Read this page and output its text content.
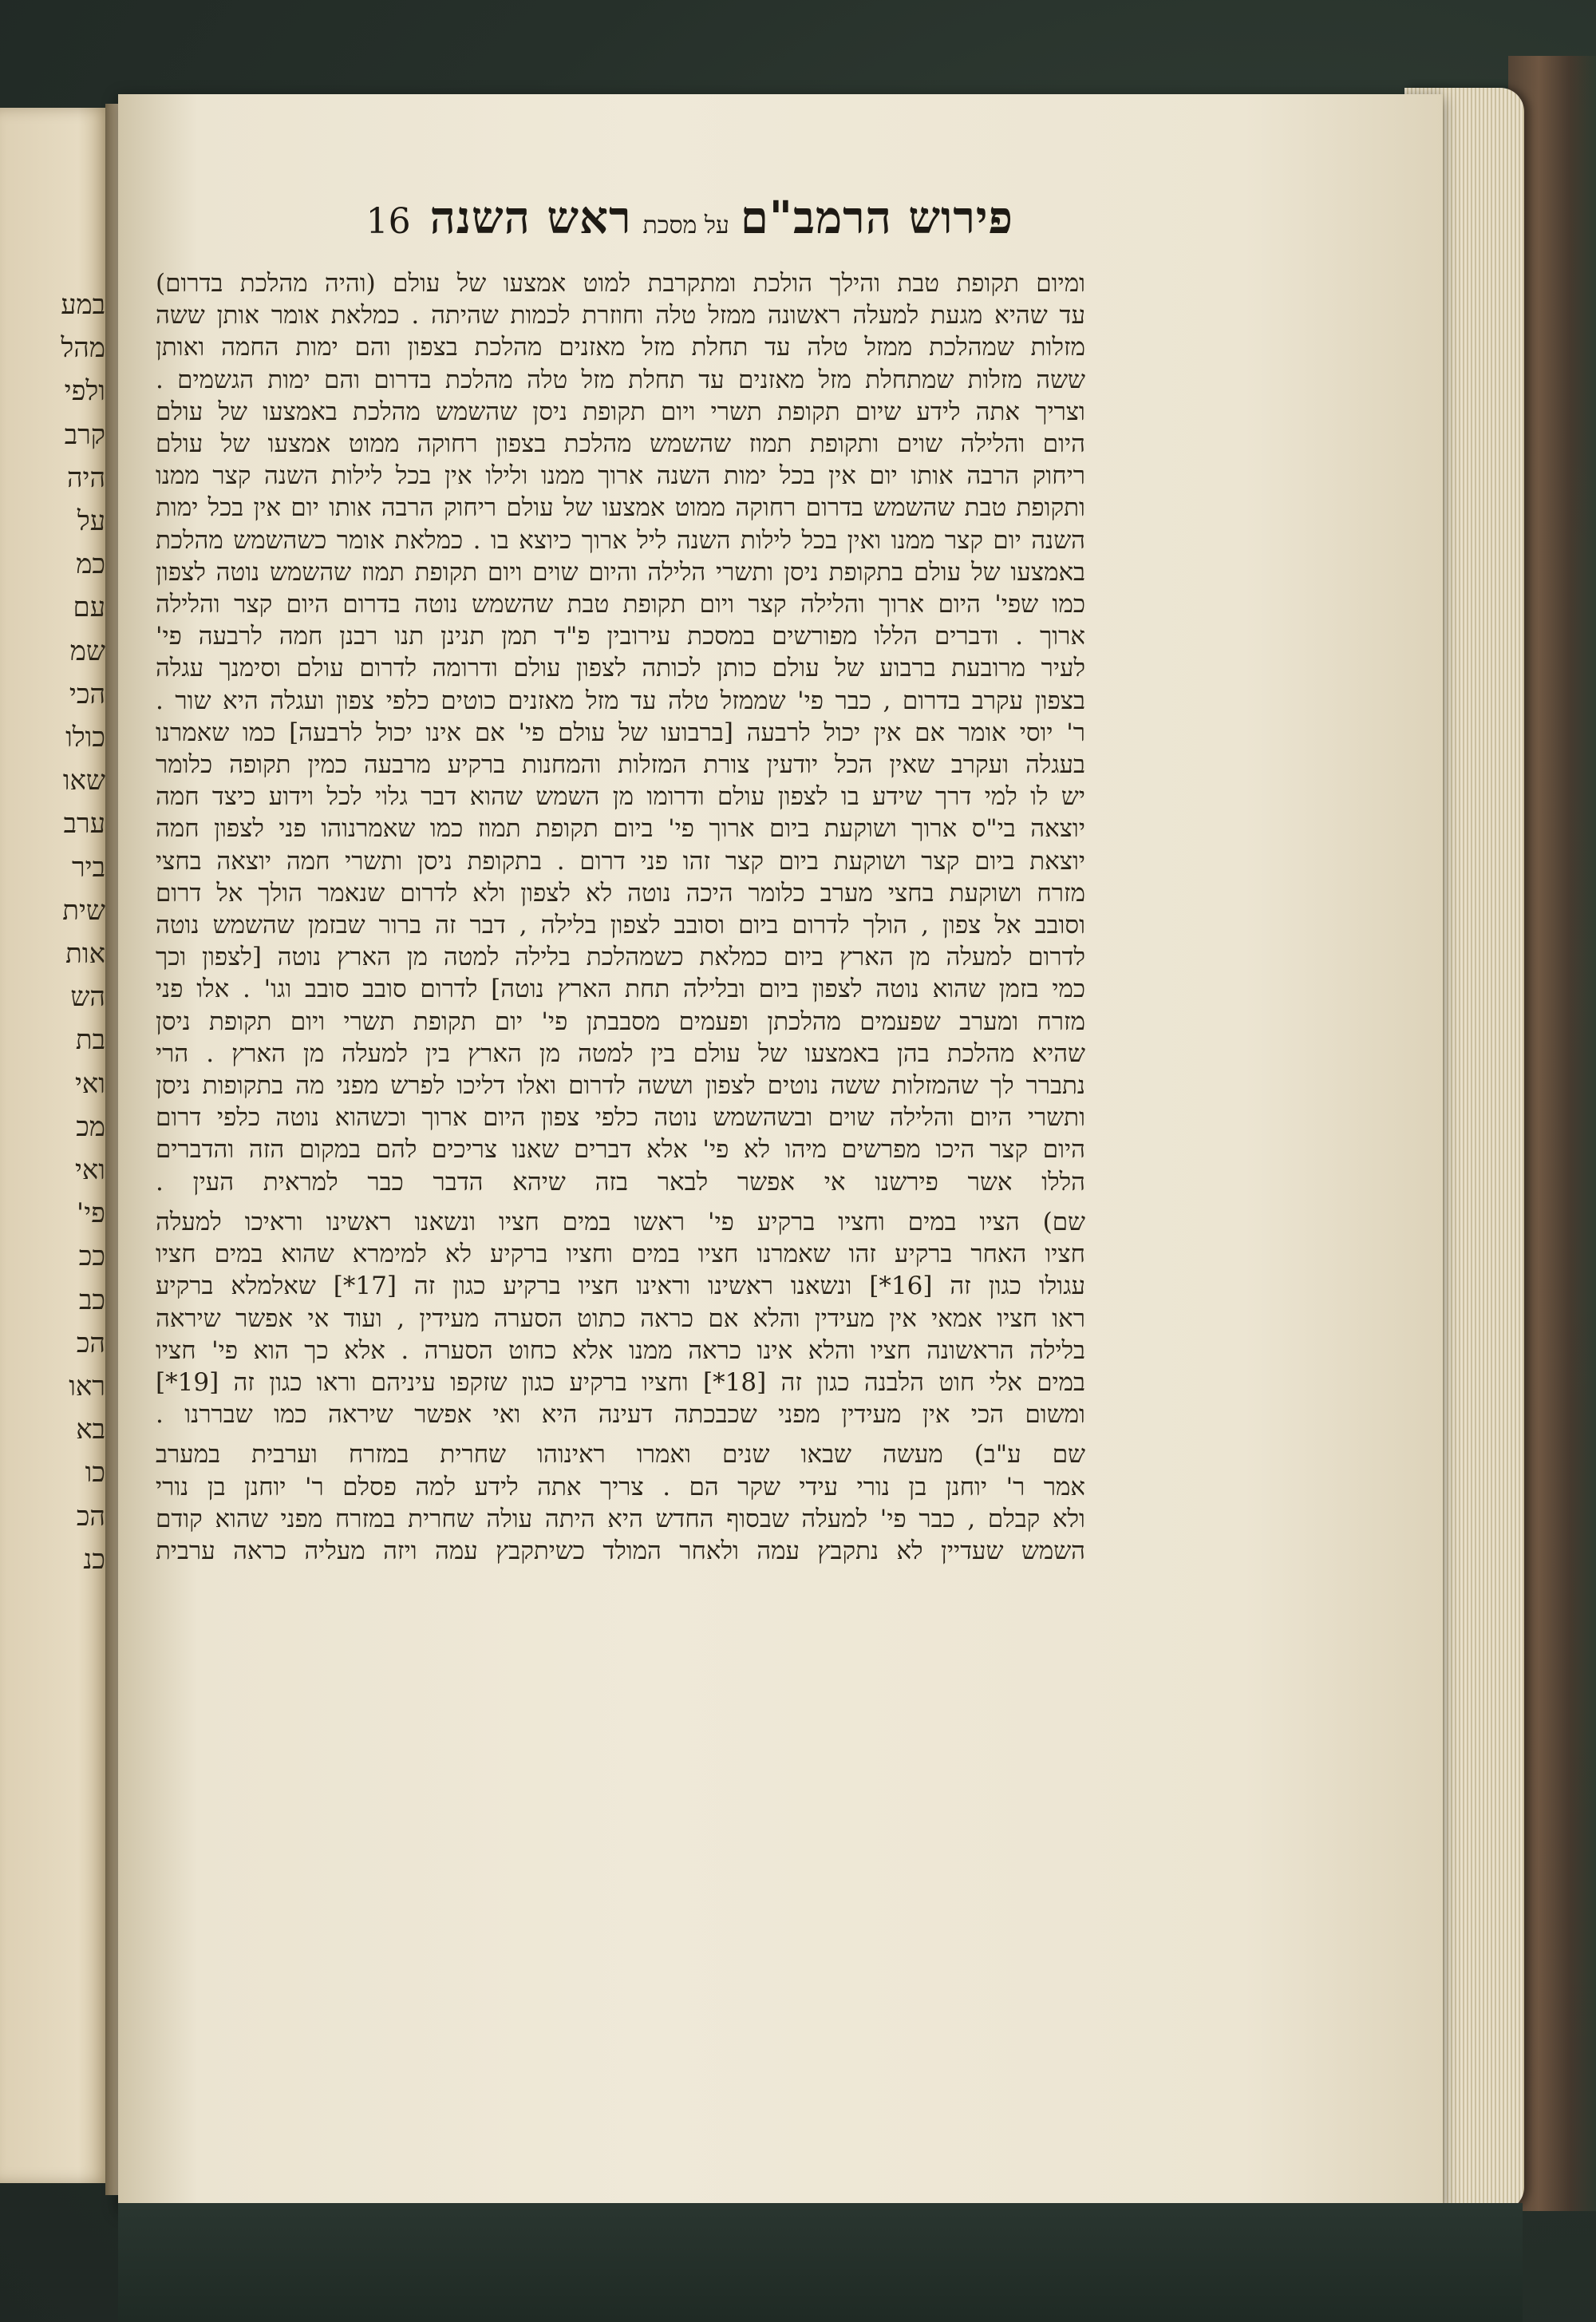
במע
מהל
ולפי
קרב
היה
על
כמ
עם
שמ
הכי
כולו
שאו
ערב
ביר
שית
אות
הש
בת
ואי
מכ
ואי
פי'
ככ
כב
הכ
ראו
בא
כו
הכ
כנ
פירוש הרמב"ם
על מסכת
ראש השנה
16
ומיום תקופת טבת והילך הולכת ומתקרבת למוט אמצעו של עולם (והיה מהלכת בדרום)
עד שהיא מגעת למעלה ראשונה ממזל טלה וחוזרת לכמות שהיתה . כמלאת אומר אותן ששה
מזלות שמהלכת ממזל טלה עד תחלת מזל מאזנים מהלכת בצפון והם ימות החמה ואותן
ששה מזלות שמתחלת מזל מאזנים עד תחלת מזל טלה מהלכת בדרום והם ימות הגשמים .
וצריך אתה לידע שיום תקופת תשרי ויום תקופת ניסן שהשמש מהלכת באמצעו של עולם
היום והלילה שוים ותקופת תמוז שהשמש מהלכת בצפון רחוקה ממוט אמצעו של עולם
ריחוק הרבה אותו יום אין בכל ימות השנה ארוך ממנו ולילו אין בכל לילות השנה קצר ממנו
ותקופת טבת שהשמש בדרום רחוקה ממוט אמצעו של עולם ריחוק הרבה אותו יום אין בכל ימות
השנה יום קצר ממנו ואין בכל לילות השנה ליל ארוך כיוצא בו . כמלאת אומר כשהשמש מהלכת
באמצעו של עולם בתקופת ניסן ותשרי הלילה והיום שוים ויום תקופת תמוז שהשמש נוטה לצפון
כמו שפי' היום ארוך והלילה קצר ויום תקופת טבת שהשמש נוטה בדרום היום קצר והלילה
ארוך . ודברים הללו מפורשים במסכת עירובין פ"ד תמן תנינן תנו רבנן חמה לרבעה פי'
לעיר מרובעת ברבוע של עולם כותן לכותה לצפון עולם ודרומה לדרום עולם וסימנך עגלה
בצפון עקרב בדרום , כבר פי' שממזל טלה עד מזל מאזנים כוטים כלפי צפון ועגלה היא שור .
ר' יוסי אומר אם אין יכול לרבעה [ברבועו של עולם פי' אם אינו יכול לרבעה] כמו שאמרנו
בעגלה ועקרב שאין הכל יודעין צורת המזלות והמחנות ברקיע מרבעה כמין תקופה כלומר
יש לו למי דרך שידע בו לצפון עולם ודרומו מן השמש שהוא דבר גלוי לכל וידוע כיצד חמה
יוצאה בי"ס ארוך ושוקעת ביום ארוך פי' ביום תקופת תמוז כמו שאמרנוהו פני לצפון חמה
יוצאת ביום קצר ושוקעת ביום קצר זהו פני דרום . בתקופת ניסן ותשרי חמה יוצאה בחצי
מזרח ושוקעת בחצי מערב כלומר היכה נוטה לא לצפון ולא לדרום שנאמר הולך אל דרום
וסובב אל צפון , הולך לדרום ביום וסובב לצפון בלילה , דבר זה ברור שבזמן שהשמש נוטה
לדרום למעלה מן הארץ ביום כמלאת כשמהלכת בלילה למטה מן הארץ נוטה [לצפון וכך
כמי בזמן שהוא נוטה לצפון ביום ובלילה תחת הארץ נוטה] לדרום סובב סובב וגו' . אלו פני
מזרח ומערב שפעמים מהלכתן ופעמים מסבבתן פי' יום תקופת תשרי ויום תקופת ניסן
שהיא מהלכת בהן באמצעו של עולם בין למטה מן הארץ בין למעלה מן הארץ . הרי
נתברר לך שהמזלות ששה נוטים לצפון וששה לדרום ואלו דליכו לפרש מפני מה בתקופות ניסן
ותשרי היום והלילה שוים ובשהשמש נוטה כלפי צפון היום ארוך וכשהוא נוטה כלפי דרום
היום קצר היכו מפרשים מיהו לא פי' אלא דברים שאנו צריכים להם במקום הזה והדברים
הללו אשר פירשנו אי אפשר לבאר בזה שיהא הדבר כבר למראית העין .
שם) הציו במים וחציו ברקיע פי' ראשו במים חציו ונשאנו ראשינו וראיכו למעלה
חציו האחר ברקיע זהו שאמרנו חציו במים וחציו ברקיע לא למימרא שהוא במים חציו
עגולו כגון זה [16*] ונשאנו ראשינו וראינו חציו ברקיע כגון זה [17*] שאלמלא ברקיע
ראו חציו אמאי אין מעידין והלא אם כראה כתוט הסערה מעידין , ועוד אי אפשר שיראה
בלילה הראשונה חציו והלא אינו כראה ממנו אלא כחוט הסערה . אלא כך הוא פי' חציו
במים אלי חוט הלבנה כגון זה [18*] וחציו ברקיע כגון שזקפו עיניהם וראו כגון זה [19*]
ומשום הכי אין מעידין מפני שכבכתה דעינה היא ואי אפשר שיראה כמו שבררנו .
שם ע"ב) מעשה שבאו שנים ואמרו ראינוהו שחרית במזרח וערבית במערב
אמר ר' יוחנן בן נורי עידי שקר הם . צריך אתה לידע למה פסלם ר' יוחנן בן נורי
ולא קבלם , כבר פי' למעלה שבסוף החדש היא היתה עולה שחרית במזרח מפני שהוא קודם
השמש שעדיין לא נתקבץ עמה ולאחר המולד כשיתקבץ עמה ויזה מעליה כראה ערבית
